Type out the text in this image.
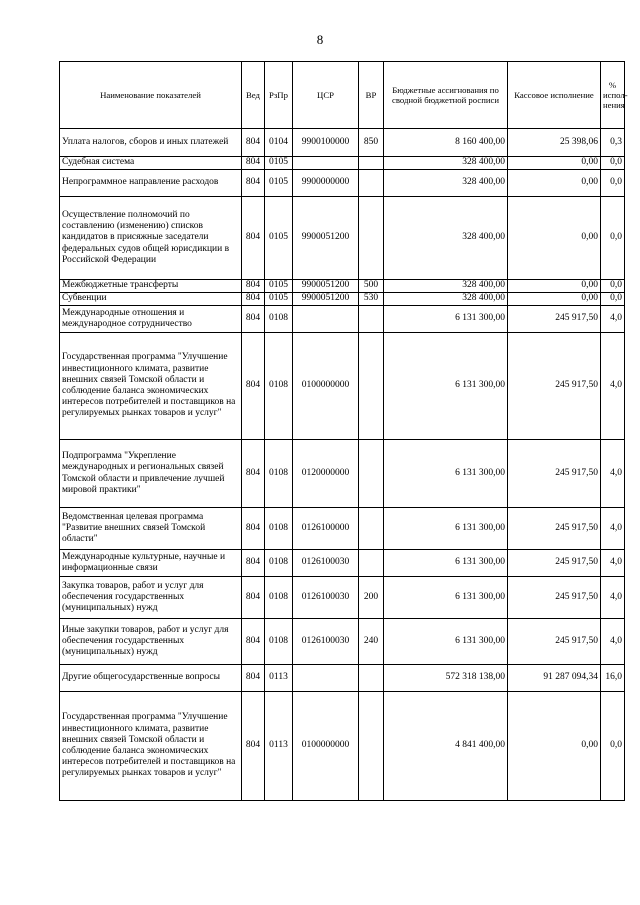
8
Наименование показателей	Вед	РзПр	ЦСР	ВР	Бюджетные ассигнования по сводной бюджетной росписи	Кассовое исполнение	% испол-нения
Уплата налогов, сборов и иных платежей	804	0104	9900100000	850	8 160 400,00	25 398,06	0,3
Судебная система	804	0105			328 400,00	0,00	0,0
Непрограммное направление расходов	804	0105	9900000000		328 400,00	0,00	0,0
Осуществление полномочий по составлению (изменению) списков кандидатов в присяжные заседатели федеральных судов общей юрисдикции в Российской Федерации	804	0105	9900051200		328 400,00	0,00	0,0
Межбюджетные трансферты	804	0105	9900051200	500	328 400,00	0,00	0,0
Субвенции	804	0105	9900051200	530	328 400,00	0,00	0,0
Международные отношения и международное сотрудничество	804	0108			6 131 300,00	245 917,50	4,0
Государственная программа "Улучшение инвестиционного климата, развитие внешних связей Томской области и соблюдение баланса экономических интересов потребителей и поставщиков на регулируемых рынках товаров и услуг"	804	0108	0100000000		6 131 300,00	245 917,50	4,0
Подпрограмма "Укрепление международных и региональных связей Томской области и привлечение лучшей мировой практики"	804	0108	0120000000		6 131 300,00	245 917,50	4,0
Ведомственная целевая программа "Развитие внешних связей Томской области"	804	0108	0126100000		6 131 300,00	245 917,50	4,0
Международные культурные, научные и информационные связи	804	0108	0126100030		6 131 300,00	245 917,50	4,0
Закупка товаров, работ и услуг для обеспечения государственных (муниципальных) нужд	804	0108	0126100030	200	6 131 300,00	245 917,50	4,0
Иные закупки товаров, работ и услуг для обеспечения государственных (муниципальных) нужд	804	0108	0126100030	240	6 131 300,00	245 917,50	4,0
Другие общегосударственные вопросы	804	0113			572 318 138,00	91 287 094,34	16,0
Государственная программа "Улучшение инвестиционного климата, развитие внешних связей Томской области и соблюдение баланса экономических интересов потребителей и поставщиков на регулируемых рынках товаров и услуг"	804	0113	0100000000		4 841 400,00	0,00	0,0
